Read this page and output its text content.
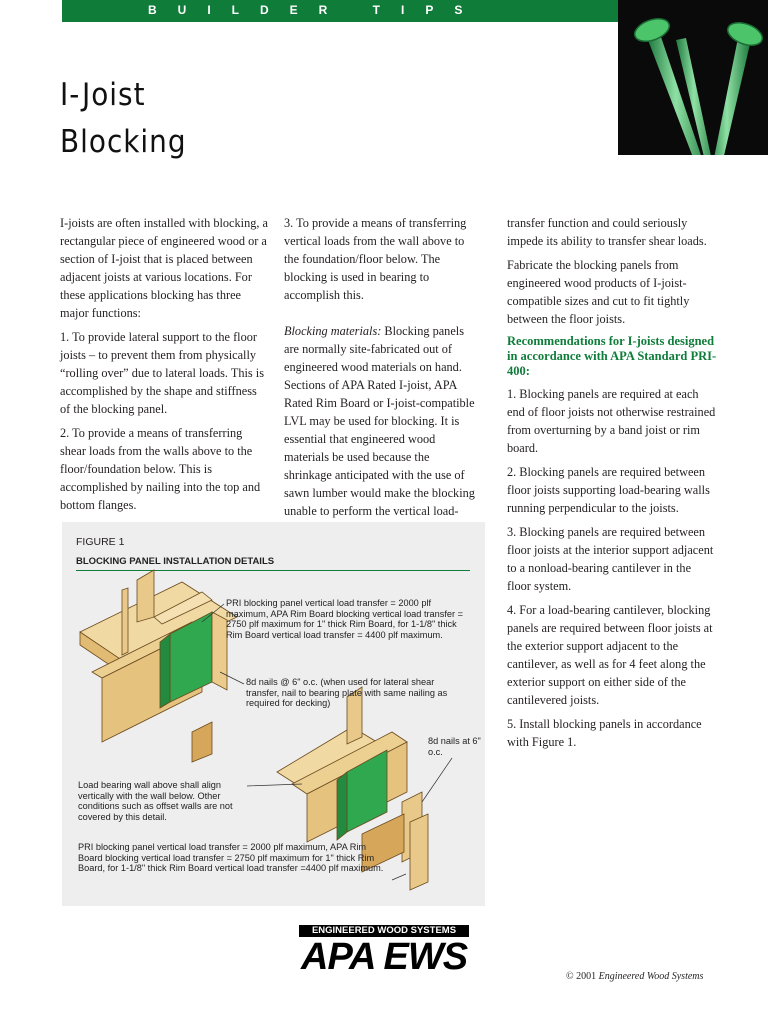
BUILDER TIPS
I-Joist
Blocking

I-joists are often installed with blocking, a rectangular piece of engineered wood or a section of I-joist that is placed between adjacent joists at various locations. For these applications blocking has three major functions:

1. To provide lateral support to the floor joists – to prevent them from physically “rolling over” due to lateral loads. This is accomplished by the shape and stiffness of the blocking panel.

2. To provide a means of transferring shear loads from the walls above to the floor/foundation below. This is accomplished by nailing into the top and bottom flanges.

3. To provide a means of transferring vertical loads from the wall above to the foundation/floor below. The blocking is used in bearing to accomplish this.

Blocking materials: Blocking panels are normally site-fabricated out of engineered wood materials on hand. Sections of APA Rated I-joist, APA Rated Rim Board or I-joist-compatible LVL may be used for blocking. It is essential that engineered wood materials be used because the shrinkage anticipated with the use of sawn lumber would make the blocking unable to perform the vertical load-

transfer function and could seriously impede its ability to transfer shear loads.

Fabricate the blocking panels from engineered wood products of I-joist-compatible sizes and cut to fit tightly between the floor joists.

Recommendations for I-joists designed in accordance with APA Standard PRI-400:

1. Blocking panels are required at each end of floor joists not otherwise restrained from overturning by a band joist or rim board.

2. Blocking panels are required between floor joists supporting load-bearing walls running perpendicular to the joists.

3. Blocking panels are required between floor joists at the interior support adjacent to a nonload-bearing cantilever in the floor system.

4. For a load-bearing cantilever, blocking panels are required between floor joists at the exterior support adjacent to the cantilever, as well as for 4 feet along the exterior support on either side of the cantilevered joists.

5. Install blocking panels in accordance with Figure 1.

FIGURE 1
BLOCKING PANEL INSTALLATION DETAILS
PRI blocking panel vertical load transfer = 2000 plf maximum, APA Rim Board blocking vertical load transfer = 2750 plf maximum for 1" thick Rim Board, for 1-1/8" thick Rim Board vertical load transfer = 4400 plf maximum.
8d nails @ 6" o.c. (when used for lateral shear transfer, nail to bearing plate with same nailing as required for decking)
8d nails at 6" o.c.
Load bearing wall above shall align vertically with the wall below. Other conditions such as offset walls are not covered by this detail.
PRI blocking panel vertical load transfer = 2000 plf maximum, APA Rim Board blocking vertical load transfer = 2750 plf maximum for 1" thick Rim Board, for 1-1/8" thick Rim Board vertical load transfer =4400 plf maximum.
ENGINEERED WOOD SYSTEMS
APA EWS	© 2001 Engineered Wood Systems
